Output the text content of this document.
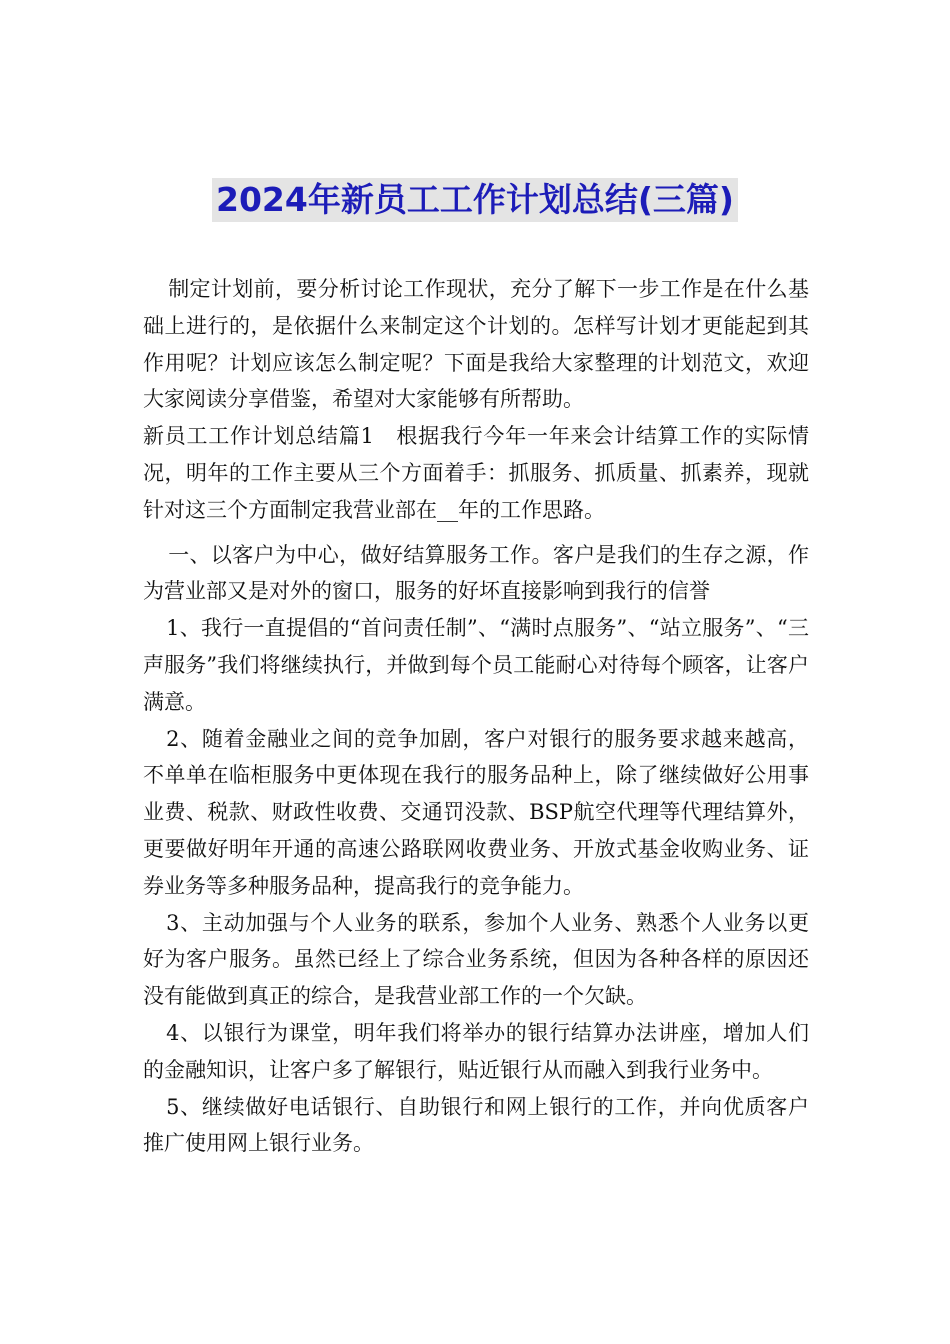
2024年新员工工作计划总结(三篇)

制定计划前，要分析讨论工作现状，充分了解下一步工作是在什么基础上进行的，是依据什么来制定这个计划的。怎样写计划才更能起到其作用呢？计划应该怎么制定呢？下面是我给大家整理的计划范文，欢迎大家阅读分享借鉴，希望对大家能够有所帮助。

新员工工作计划总结篇1　根据我行今年一年来会计结算工作的实际情况，明年的工作主要从三个方面着手：抓服务、抓质量、抓素养，现就针对这三个方面制定我营业部在__年的工作思路。

一、以客户为中心，做好结算服务工作。客户是我们的生存之源，作为营业部又是对外的窗口，服务的好坏直接影响到我行的信誉

1、我行一直提倡的“首问责任制”、“满时点服务”、“站立服务”、“三声服务”我们将继续执行，并做到每个员工能耐心对待每个顾客，让客户满意。

2、随着金融业之间的竞争加剧，客户对银行的服务要求越来越高，不单单在临柜服务中更体现在我行的服务品种上，除了继续做好公用事业费、税款、财政性收费、交通罚没款、BSP航空代理等代理结算外，更要做好明年开通的高速公路联网收费业务、开放式基金收购业务、证券业务等多种服务品种，提高我行的竞争能力。

3、主动加强与个人业务的联系，参加个人业务、熟悉个人业务以更好为客户服务。虽然已经上了综合业务系统，但因为各种各样的原因还没有能做到真正的综合，是我营业部工作的一个欠缺。

4、以银行为课堂，明年我们将举办的银行结算办法讲座，增加人们的金融知识，让客户多了解银行，贴近银行从而融入到我行业务中。

5、继续做好电话银行、自助银行和网上银行的工作，并向优质客户推广使用网上银行业务。
